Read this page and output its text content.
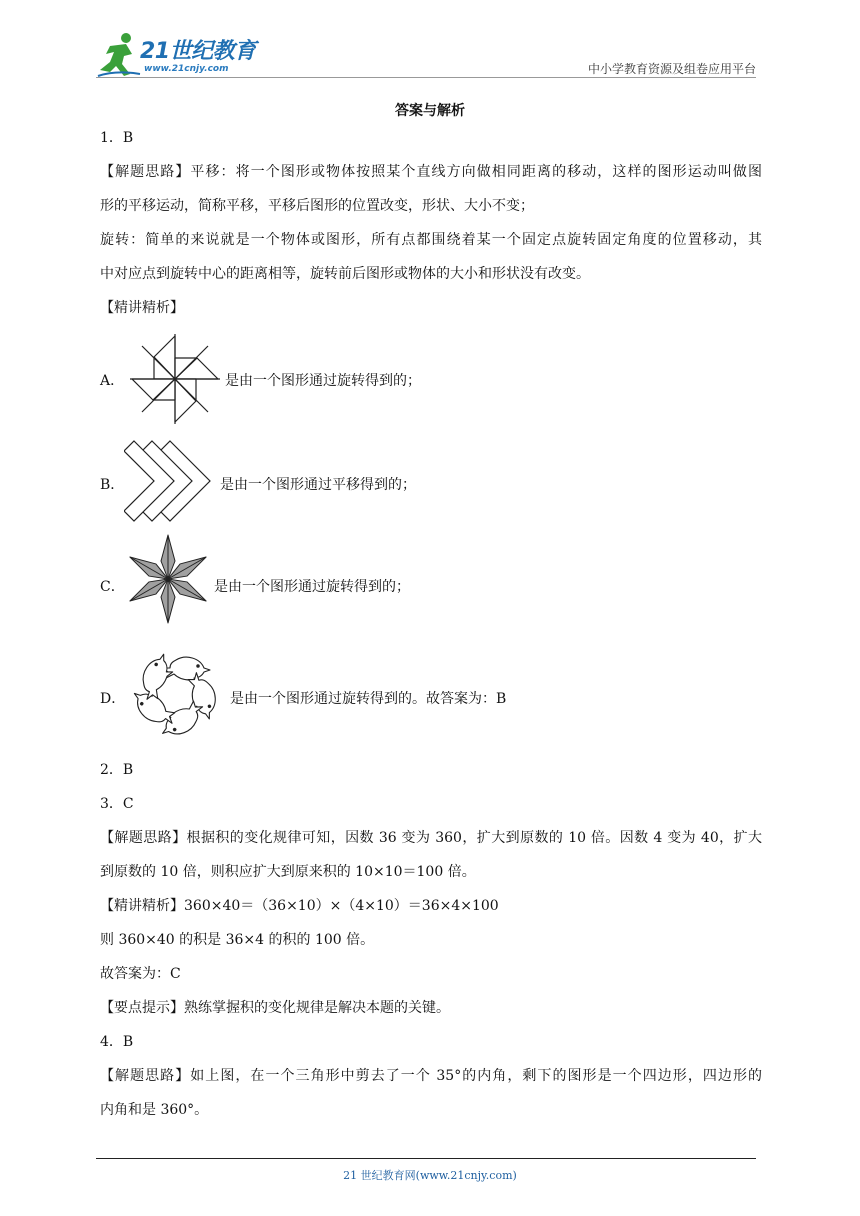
21世纪教育
www.21cnjy.com	中小学教育资源及组卷应用平台
答案与解析
1．B
【解题思路】平移：将一个图形或物体按照某个直线方向做相同距离的移动，这样的图形运动叫做图
形的平移运动，简称平移，平移后图形的位置改变，形状、大小不变；
旋转：简单的来说就是一个物体或图形，所有点都围绕着某一个固定点旋转固定角度的位置移动，其
中对应点到旋转中心的距离相等，旋转前后图形或物体的大小和形状没有改变。
【精讲精析】
A．	是由一个图形通过旋转得到的；
B．	是由一个图形通过平移得到的；
C．	是由一个图形通过旋转得到的；
D．	是由一个图形通过旋转得到的。故答案为：B
2．B
3．C
【解题思路】根据积的变化规律可知，因数 36 变为 360，扩大到原数的 10 倍。因数 4 变为 40，扩大
到原数的 10 倍，则积应扩大到原来积的 10×10＝100 倍。
【精讲精析】360×40＝（36×10）×（4×10）＝36×4×100
则 360×40 的积是 36×4 的积的 100 倍。
故答案为：C
【要点提示】熟练掌握积的变化规律是解决本题的关键。
4．B
【解题思路】如上图，在一个三角形中剪去了一个 35°的内角，剩下的图形是一个四边形，四边形的
内角和是 360°。
21 世纪教育网(www.21cnjy.com)
